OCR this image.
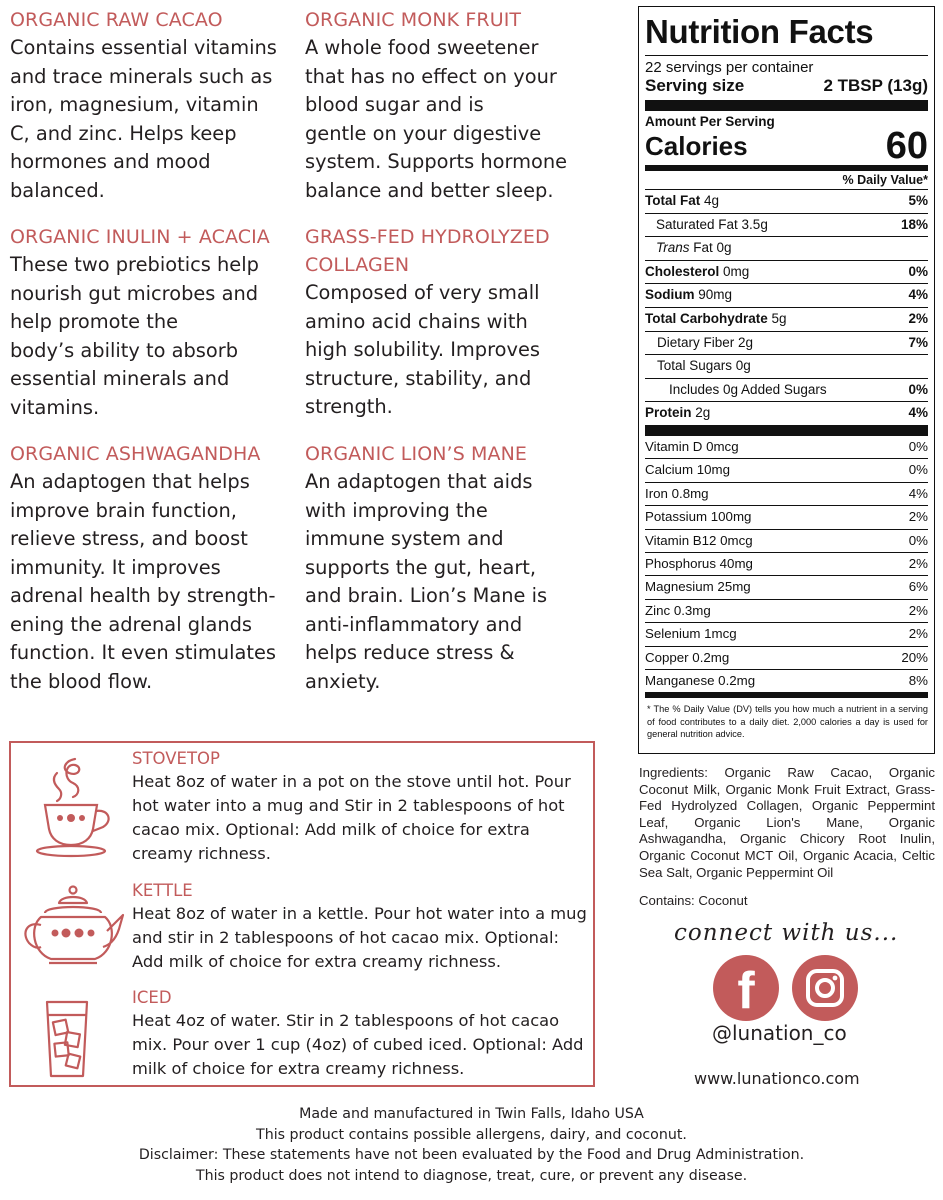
ORGANIC RAW CACAO

Contains essential vitamins
and trace minerals such as
iron, magnesium, vitamin
C, and zinc. Helps keep
hormones and mood
balanced.

ORGANIC MONK FRUIT

A whole food sweetener
that has no effect on your
blood sugar and is
gentle on your digestive
system. Supports hormone
balance and better sleep.

ORGANIC INULIN + ACACIA

These two prebiotics help
nourish gut microbes and
help promote the
body’s ability to absorb
essential minerals and
vitamins.

GRASS-FED HYDROLYZED
COLLAGEN

Composed of very small
amino acid chains with
high solubility. Improves
structure, stability, and
strength.

ORGANIC ASHWAGANDHA

An adaptogen that helps
improve brain function,
relieve stress, and boost
immunity. It improves
adrenal health by strength-
ening the adrenal glands
function. It even stimulates
the blood flow.

ORGANIC LION’S MANE

An adaptogen that aids
with improving the
immune system and
supports the gut, heart,
and brain. Lion’s Mane is
anti-inflammatory and
helps reduce stress &
anxiety.

Nutrition Facts
22 servings per container
Serving size	2 TBSP (13g)
Amount Per Serving
Calories	60
% Daily Value*
Total Fat 4g	5%
Saturated Fat 3.5g	18%
Trans Fat 0g
Cholesterol 0mg	0%
Sodium 90mg	4%
Total Carbohydrate 5g	2%
Dietary Fiber 2g	7%
Total Sugars 0g
Includes 0g Added Sugars	0%
Protein 2g	4%
Vitamin D 0mcg	0%
Calcium 10mg	0%
Iron 0.8mg	4%
Potassium 100mg	2%
Vitamin B12 0mcg	0%
Phosphorus 40mg	2%
Magnesium 25mg	6%
Zinc 0.3mg	2%
Selenium 1mcg	2%
Copper 0.2mg	20%
Manganese 0.2mg	8%
* The % Daily Value (DV) tells you how much a nutrient in a serving of food contributes to a daily diet. 2,000 calories a day is used for general nutrition advice.
Ingredients: Organic Raw Cacao, Organic Coconut Milk, Organic Monk Fruit Extract, Grass-Fed Hydrolyzed Collagen, Organic Peppermint Leaf, Organic Lion's Mane, Organic Ashwagandha, Organic Chicory Root Inulin, Organic Coconut MCT Oil, Organic Acacia, Celtic Sea Salt, Organic Peppermint Oil
Contains: Coconut
connect with us...
f
@lunation_co
www.lunationco.com
STOVETOP

Heat 8oz of water in a pot on the stove until hot. Pour
hot water into a mug and Stir in 2 tablespoons of hot
cacao mix. Optional: Add milk of choice for extra
creamy richness.

KETTLE

Heat 8oz of water in a kettle. Pour hot water into a mug
and stir in 2 tablespoons of hot cacao mix. Optional:
Add milk of choice for extra creamy richness.

ICED

Heat 4oz of water. Stir in 2 tablespoons of hot cacao
mix. Pour over 1 cup (4oz) of cubed iced. Optional: Add
milk of choice for extra creamy richness.

Made and manufactured in Twin Falls, Idaho USA
This product contains possible allergens, dairy, and coconut.
Disclaimer: These statements have not been evaluated by the Food and Drug Administration.
This product does not intend to diagnose, treat, cure, or prevent any disease.
